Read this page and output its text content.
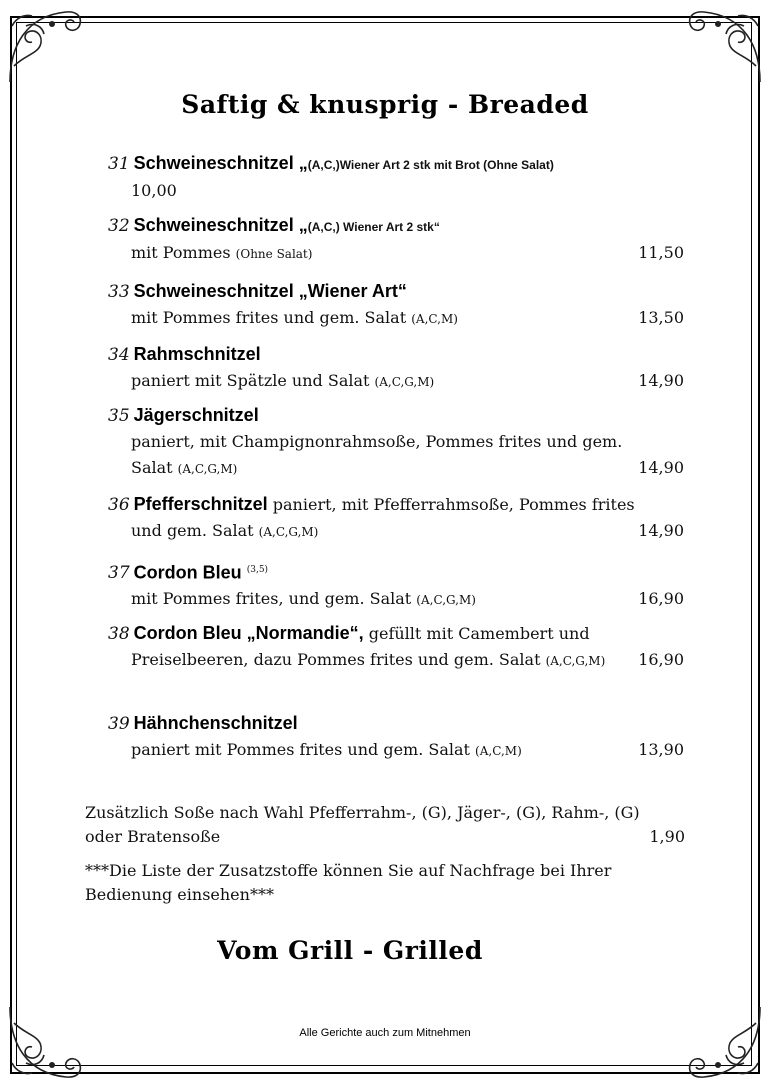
Saftig & knusprig - Breaded
31 Schweineschnitzel „(A,C,)Wiener Art 2 stk mit Brot (Ohne Salat)
10,00
32 Schweineschnitzel „(A,C,) Wiener Art 2 stk“
mit Pommes (Ohne Salat)	11,50
33 Schweineschnitzel „Wiener Art“
mit Pommes frites und gem. Salat (A,C,M)	13,50
34 Rahmschnitzel
paniert mit Spätzle und Salat (A,C,G,M)	14,90
35 Jägerschnitzel
paniert, mit Champignonrahmsoße, Pommes frites und gem.
Salat (A,C,G,M)	14,90
36 Pfefferschnitzel paniert, mit Pfefferrahmsoße, Pommes frites
und gem. Salat (A,C,G,M)	14,90
37 Cordon Bleu $^{(3,5)}$
mit Pommes frites, und gem. Salat (A,C,G,M)	16,90
38 Cordon Bleu „Normandie“, gefüllt mit Camembert und
Preiselbeeren, dazu Pommes frites und gem. Salat (A,C,G,M) 16,90
39 Hähnchenschnitzel
paniert mit Pommes frites und gem. Salat (A,C,M)	13,90
Zusätzlich Soße nach Wahl Pfefferrahm-, (G), Jäger-, (G), Rahm-, (G)
oder Bratensoße	1,90
***Die Liste der Zusatzstoffe können Sie auf Nachfrage bei Ihrer
Bedienung einsehen***
Vom Grill - Grilled
Alle Gerichte auch zum Mitnehmen
